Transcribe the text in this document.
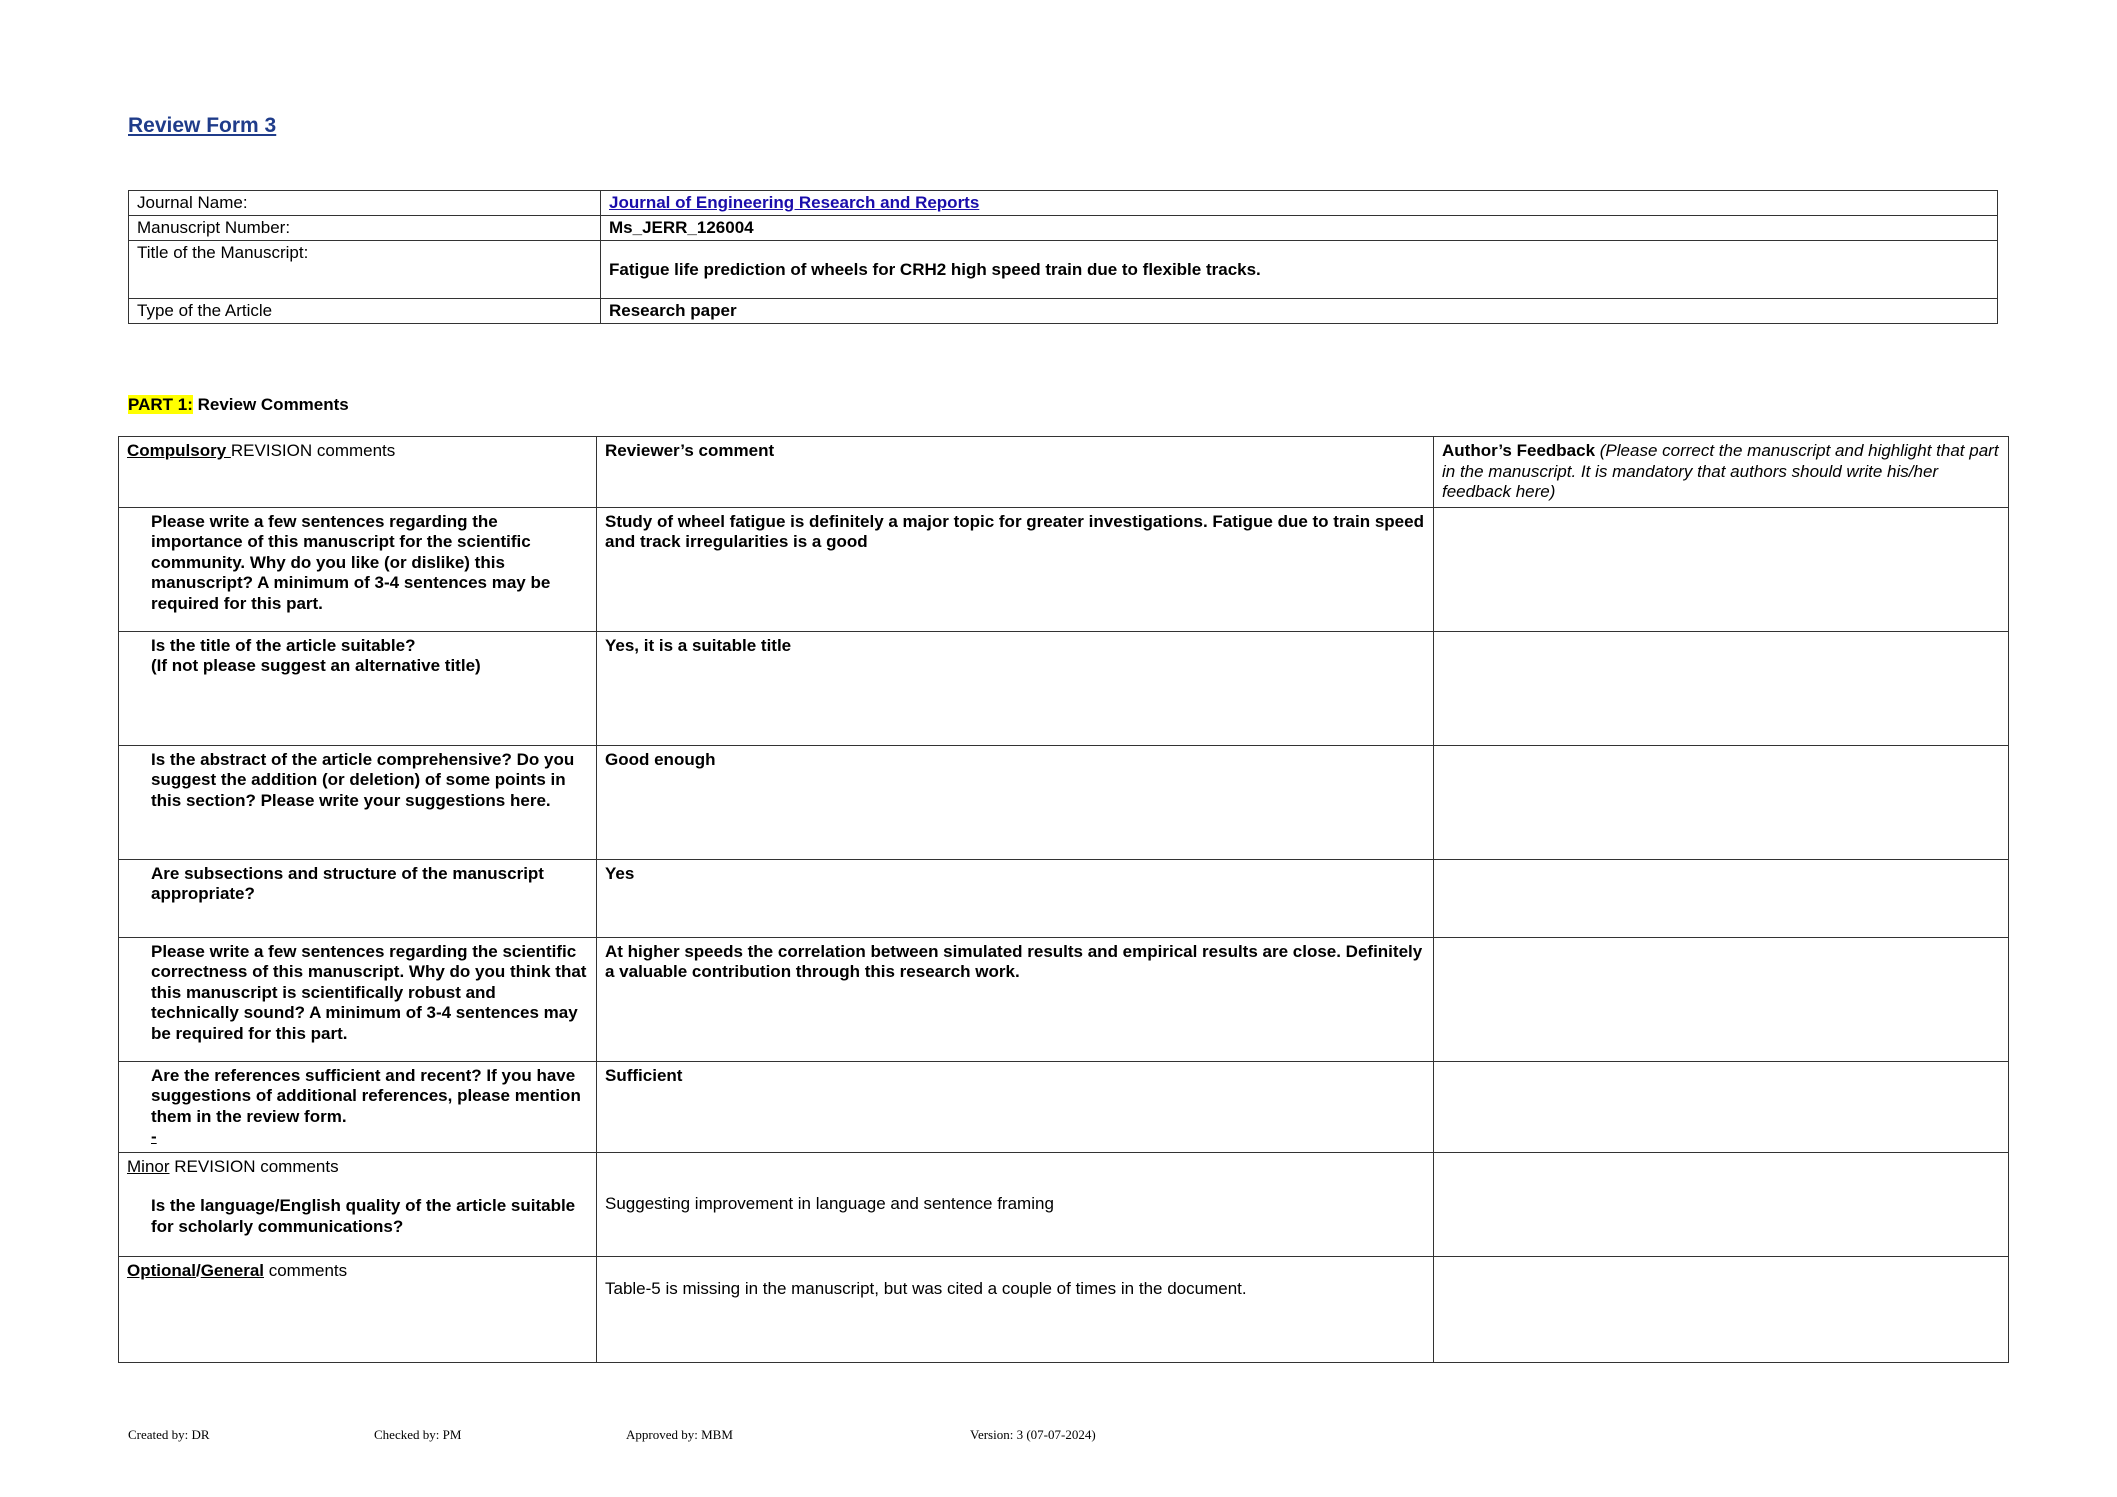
Review Form 3
Journal Name:	Journal of Engineering Research and Reports
Manuscript Number:	Ms_JERR_126004
Title of the Manuscript:	Fatigue life prediction of wheels for CRH2 high speed train due to flexible tracks.
Type of the Article	Research paper
PART 1: Review Comments
Compulsory REVISION comments	Reviewer’s comment	Author’s Feedback (Please correct the manuscript and highlight that part in the manuscript. It is mandatory that authors should write his/her feedback here)

Please write a few sentences regarding the importance of this manuscript for the scientific community. Why do you like (or dislike) this manuscript? A minimum of 3-4 sentences may be required for this part.	Study of wheel fatigue is definitely a major topic for greater investigations. Fatigue due to train speed and track irregularities is a good	

Is the title of the article suitable?
(If not please suggest an alternative title)	Yes, it is a suitable title	

Is the abstract of the article comprehensive? Do you suggest the addition (or deletion) of some points in this section? Please write your suggestions here.	Good enough	

Are subsections and structure of the manuscript appropriate?	Yes	

Please write a few sentences regarding the scientific correctness of this manuscript. Why do you think that this manuscript is scientifically robust and technically sound? A minimum of 3-4 sentences may be required for this part.	At higher speeds the correlation between simulated results and empirical results are close. Definitely a valuable contribution through this research work.	

Are the references sufficient and recent? If you have suggestions of additional references, please mention them in the review form.
-	Sufficient	
Minor REVISION comments
Is the language/English quality of the article suitable for scholarly communications?	Suggesting improvement in language and sentence framing	
Optional/General comments	Table-5 is missing in the manuscript, but was cited a couple of times in the document.	

Created by: DR	Checked by: PM	Approved by: MBM	Version: 3 (07-07-2024)
